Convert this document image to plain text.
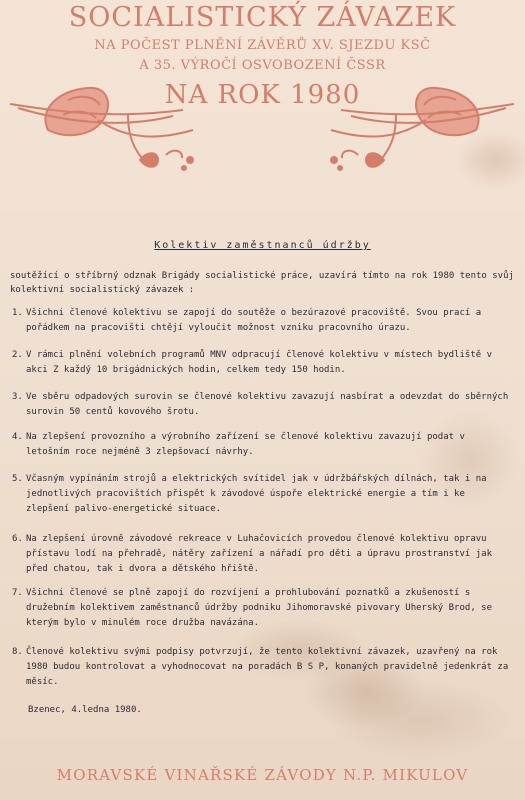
SOCIALISTICKÝ ZÁVAZEK
NA POČEST PLNĚNÍ ZÁVĚRŮ XV. SJEZDU KSČ
A 35. VÝROČÍ OSVOBOZENÍ ČSSR
NA ROK 1980
Kolektiv zaměstnanců údržby
soutěžící o stříbrný odznak Brigády socialistické práce, uzavírá tímto na rok 1980 tento svůj kolektivní socialistický závazek :
1. Všichni členové kolektivu se zapojí do soutěže o bezúrazové pracoviště. Svou prací a pořádkem na pracovišti chtějí vyloučit možnost vzniku pracovního úrazu.
2. V rámci plnění volebních programů MNV odpracují členové kolektivu v místech bydliště v akci Z každý 10 brigádnických hodin, celkem tedy 150 hodin.
3. Ve sběru odpadových surovin se členové kolektivu zavazují nasbírat a odevzdat do sběrných surovin 50 centů kovového šrotu.
4. Na zlepšení provozního a výrobního zařízení se členové kolektivu zavazují podat v letošním roce nejméně 3 zlepšovací návrhy.
5. Včasným vypínáním strojů a elektrických svítidel jak v údržbářských dílnách, tak i na jednotlivých pracovištích přispět k závodové úspoře elektrické energie a tím i ke zlepšení palivo-energetické situace.
6. Na zlepšení úrovně závodové rekreace v Luhačovicích provedou členové kolektivu opravu přístavu lodí na přehradě, nátěry zařízení a nářadí pro děti a úpravu prostranství jak před chatou, tak i dvora a dětského hřiště.
7. Všichni členové se plně zapojí do rozvíjení a prohlubování poznatků a zkušeností s družebním kolektivem zaměstnanců údržby podniku Jihomoravské pivovary Uherský Brod, se kterým bylo v minulém roce družba navázána.
8. Členové kolektivu svými podpisy potvrzují, že tento kolektivní závazek, uzavřený na rok 1980 budou kontrolovat a vyhodnocovat na poradách B S P, konaných pravidelně jedenkrát za měsíc.
Bzenec, 4.ledna 1980.
MORAVSKÉ VINAŘSKÉ ZÁVODY N.P. MIKULOV
